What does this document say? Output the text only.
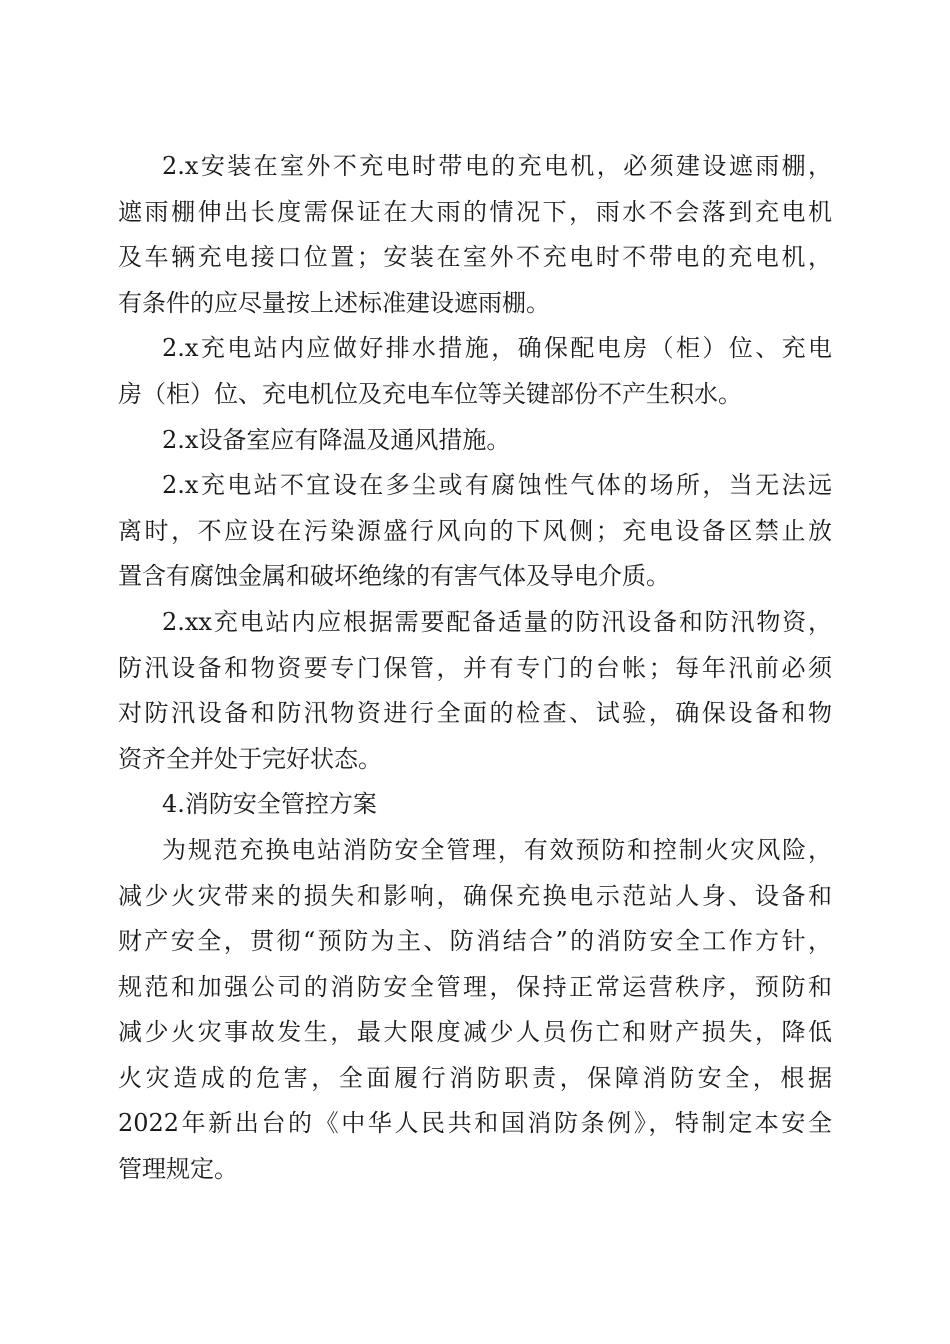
2.x安装在室外不充电时带电的充电机，必须建设遮雨棚，
遮雨棚伸出长度需保证在大雨的情况下，雨水不会落到充电机
及车辆充电接口位置；安装在室外不充电时不带电的充电机，
有条件的应尽量按上述标准建设遮雨棚。
2.x充电站内应做好排水措施，确保配电房（柜）位、充电
房（柜）位、充电机位及充电车位等关键部份不产生积水。
2.x设备室应有降温及通风措施。
2.x充电站不宜设在多尘或有腐蚀性气体的场所，当无法远
离时，不应设在污染源盛行风向的下风侧；充电设备区禁止放
置含有腐蚀金属和破坏绝缘的有害气体及导电介质。
2.xx充电站内应根据需要配备适量的防汛设备和防汛物资，
防汛设备和物资要专门保管，并有专门的台帐；每年汛前必须
对防汛设备和防汛物资进行全面的检查、试验，确保设备和物
资齐全并处于完好状态。
4.消防安全管控方案
为规范充换电站消防安全管理，有效预防和控制火灾风险，
减少火灾带来的损失和影响，确保充换电示范站人身、设备和
财产安全，贯彻“预防为主、防消结合”的消防安全工作方针，
规范和加强公司的消防安全管理，保持正常运营秩序，预防和
减少火灾事故发生，最大限度减少人员伤亡和财产损失，降低
火灾造成的危害，全面履行消防职责，保障消防安全，根据
2022年新出台的《中华人民共和国消防条例》，特制定本安全
管理规定。
